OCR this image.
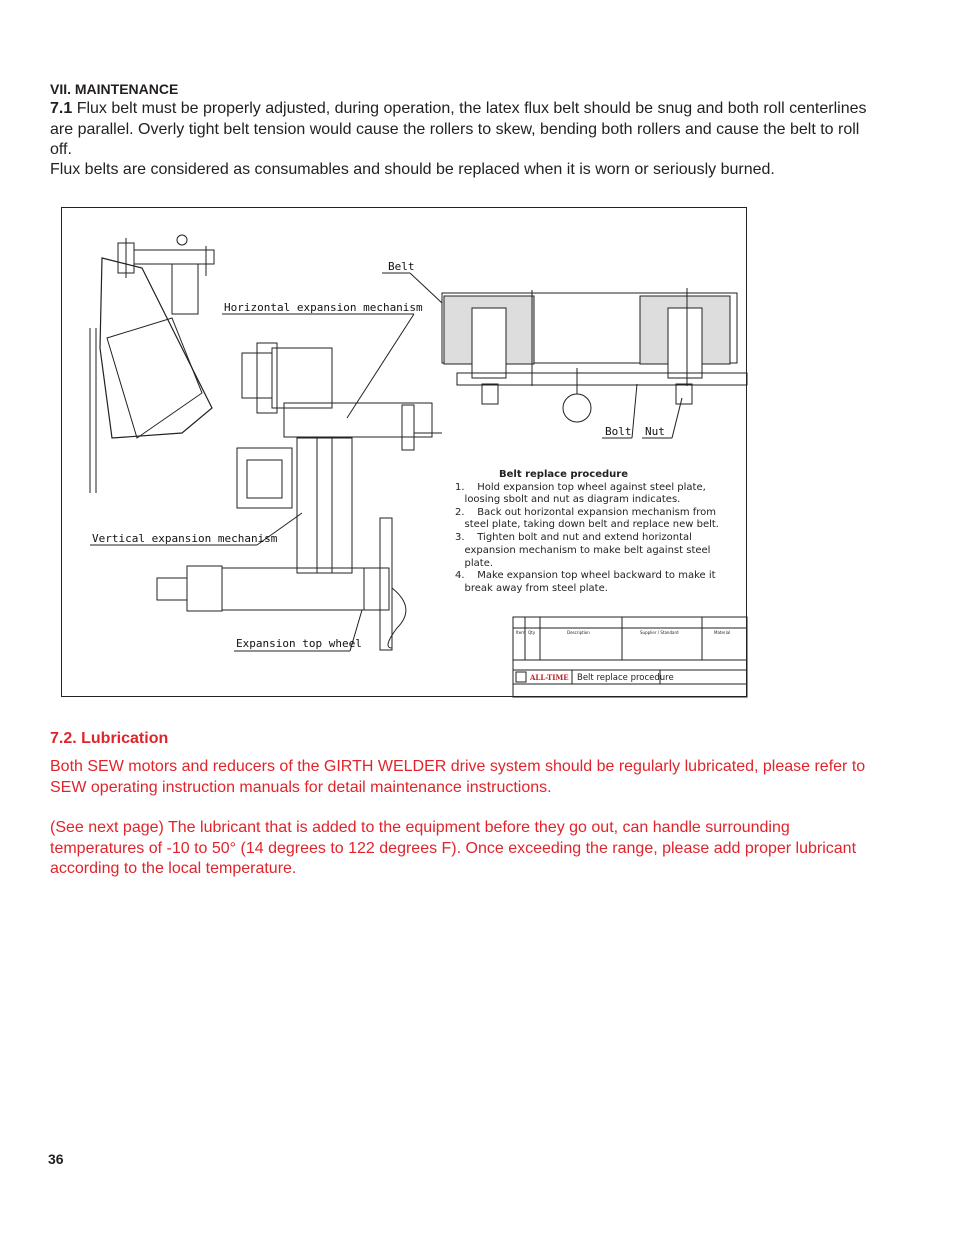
VII. MAINTENANCE

7.1 Flux belt must be properly adjusted, during operation, the latex flux belt should be snug and both roll centerlines are parallel. Overly tight belt tension would cause the rollers to skew, bending both rollers and cause the belt to roll off.

Flux belts are considered as consumables and should be replaced when it is worn or seriously burned.

Belt
Horizontal expansion mechanism
Vertical expansion mechanism
Expansion top wheel
Bolt Nut
Belt replace procedure
1.    Hold expansion top wheel against steel plate,
loosing sbolt and nut as diagram indicates.
2.    Back out horizontal expansion mechanism from
steel plate, taking down belt and replace new belt.
3.    Tighten bolt and nut and extend horizontal
expansion mechanism to make belt against steel
plate.
4.    Make expansion top wheel backward to make it
break away from steel plate.
Item Qty	Description	Supplier / Standard	Material
ALL-TIME Belt replace procedure
7.2. Lubrication

Both SEW motors and reducers of the GIRTH WELDER drive system should be regularly lubricated, please refer to SEW operating instruction manuals for detail maintenance instructions.

(See next page) The lubricant that is added to the equipment before they go out, can handle surrounding temperatures of -10 to 50° (14 degrees to 122 degrees F). Once exceeding the range, please add proper lubricant according to the local temperature.

36
